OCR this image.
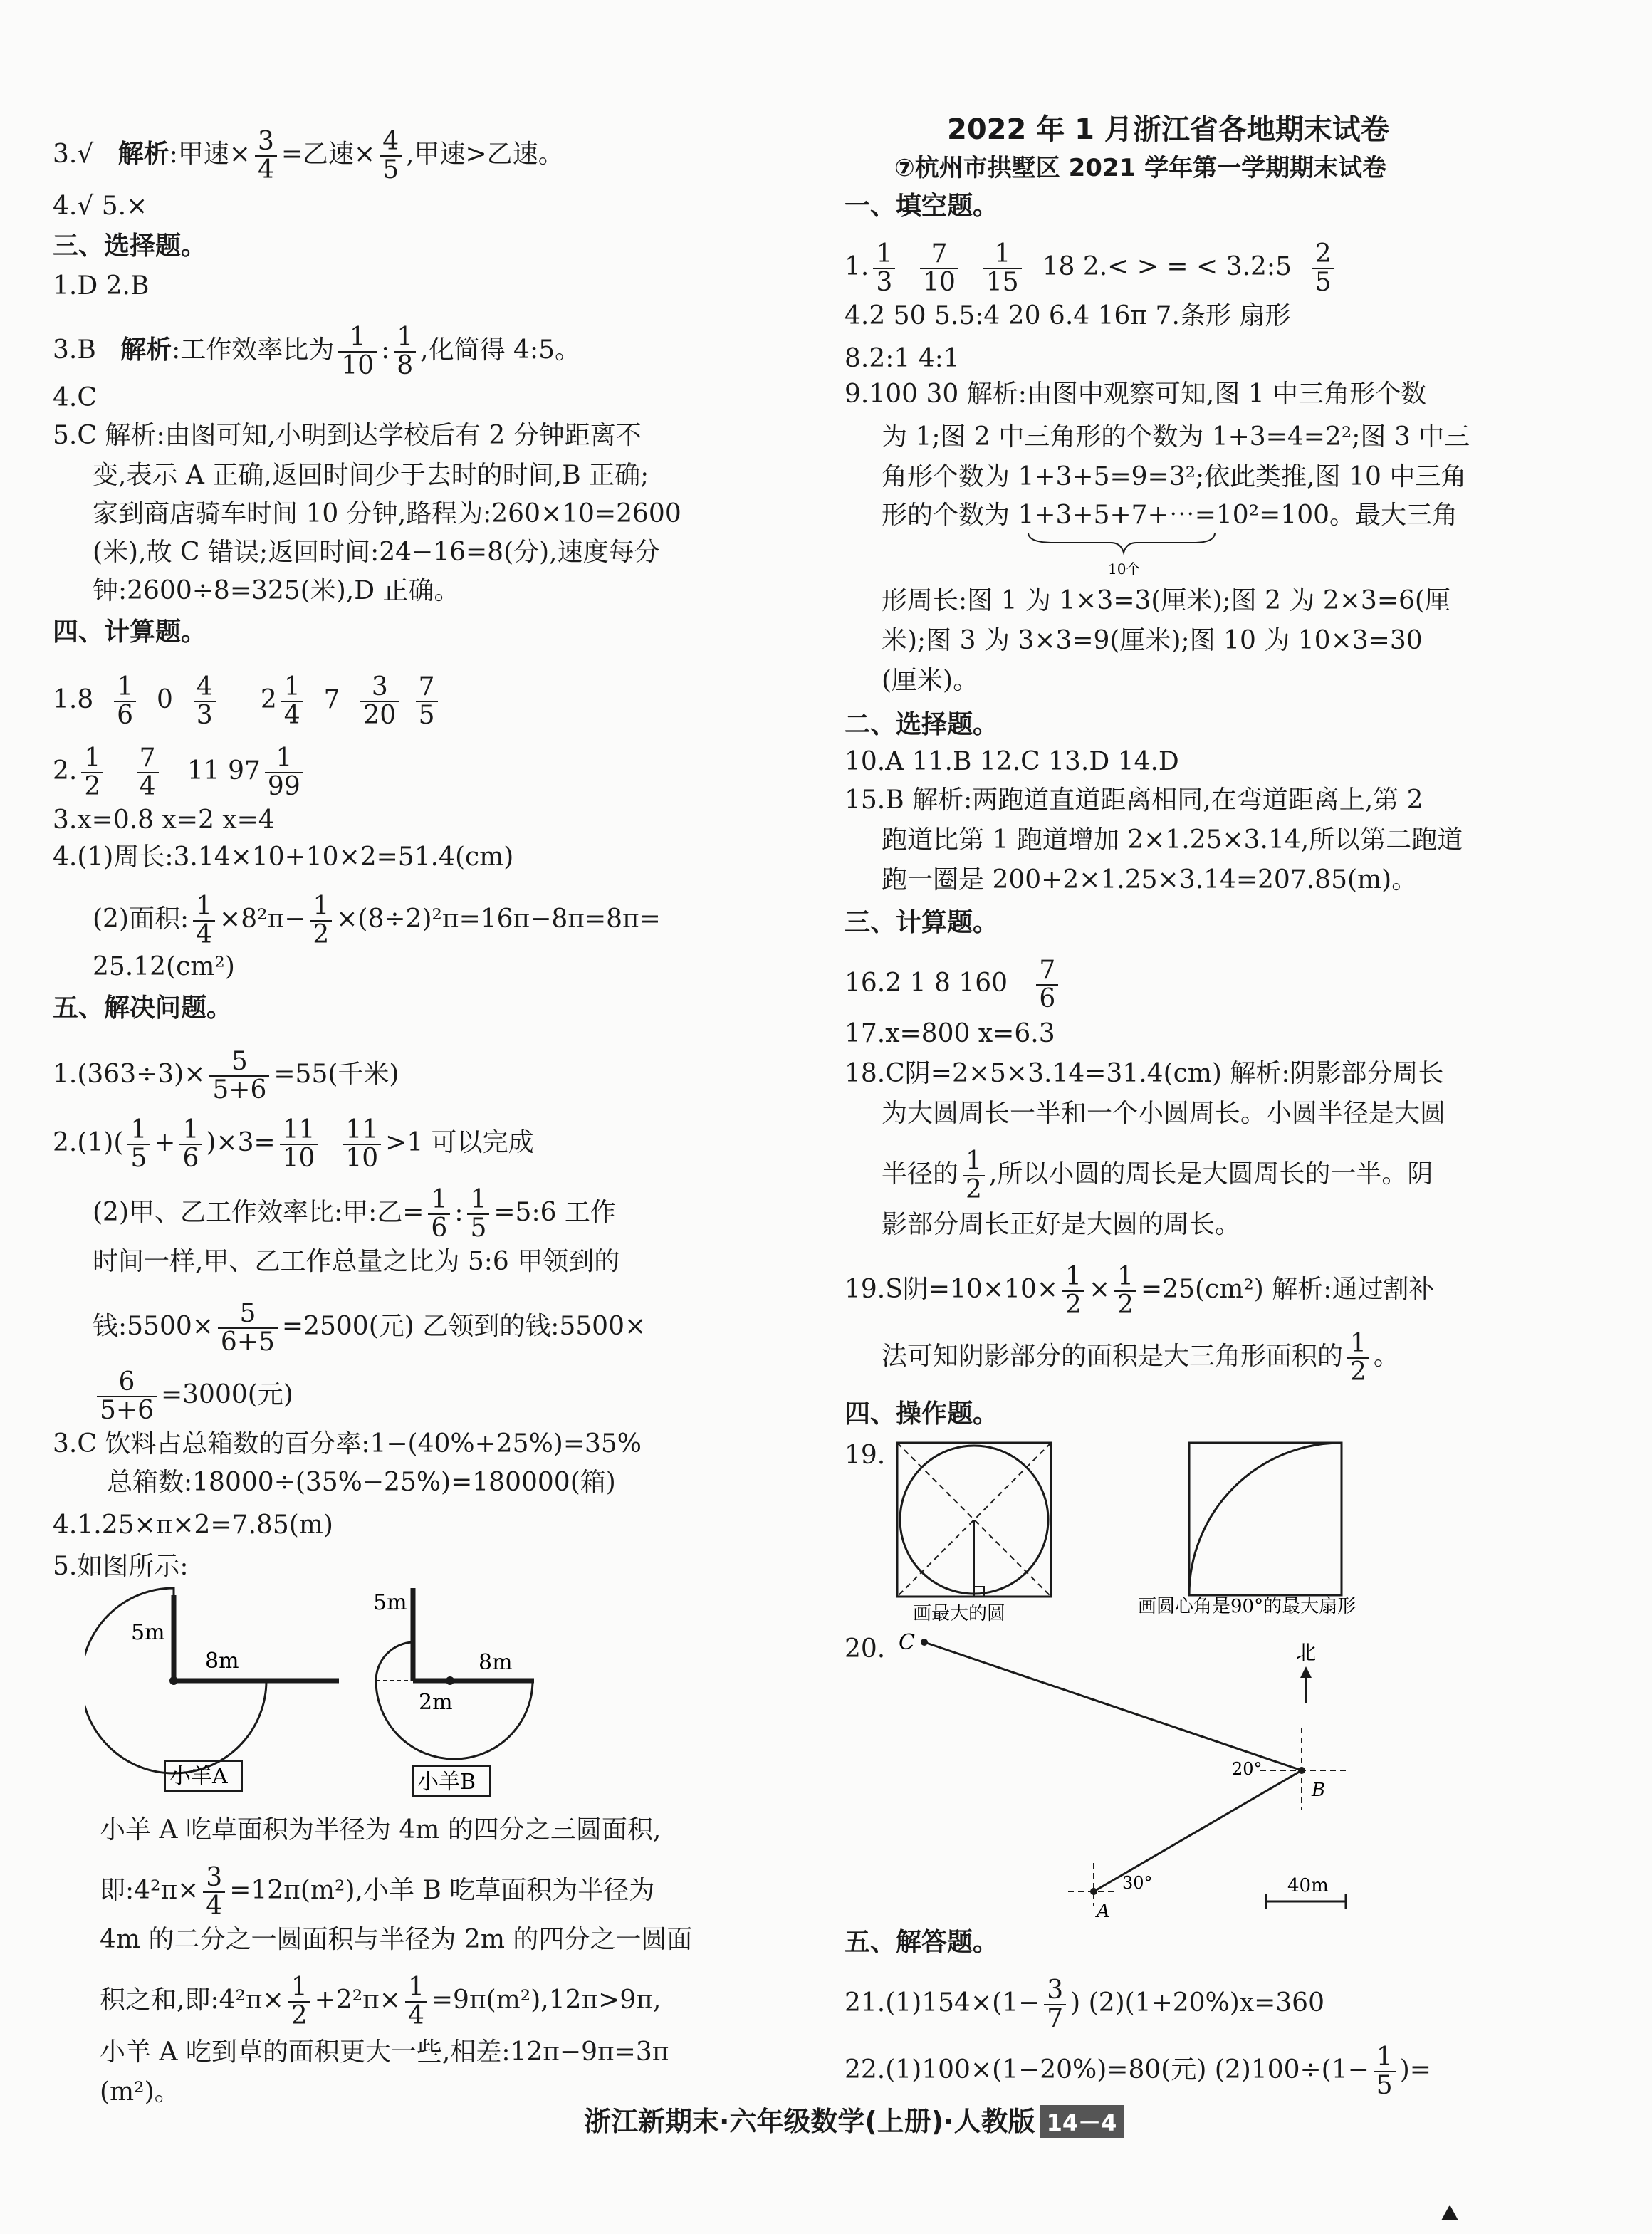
3.√ 解析:甲速× $\frac{3}{4}$ =乙速× $\frac{4}{5}$ ,甲速>乙速。
4.√ 5.×
三、选择题。
1.D 2.B
3.B 解析:工作效率比为 $\frac{1}{10}$ : $\frac{1}{8}$ ,化简得 4:5。
4.C
5.C 解析:由图可知,小明到达学校后有 2 分钟距离不
变,表示 A 正确,返回时间少于去时的时间,B 正确;
家到商店骑车时间 10 分钟,路程为:260×10=2600
(米),故 C 错误;返回时间:24−16=8(分),速度每分
钟:2600÷8=325(米),D 正确。
四、计算题。
$1.8 \frac{1}{6} 0 \frac{4}{3} 2 \frac{1}{4} 7 \frac{3}{20}$
$\frac{7}{5}$
2. $\frac{1}{2}$
$\frac{7}{4} 11$ $97 \frac{1}{99}$
3.x=0.8 x=2 x=4
4.(1)周长:3.14×10+10×2=51.4(cm)
(2)面积: $\frac{1}{4} \times 8^2\pi- \frac{1}{2} \times(8\div 2)^2\pi=16\pi-8\pi=8\pi=$
25.12(cm²)
五、解决问题。
$1.(363\div 3)\times \frac{5}{5+6} =55$(千米)
$2.(1)( \frac{1}{5} + \frac{1}{6} )\times 3= \frac{11}{10}$
$\frac{11}{10} >1$ 可以完成
(2)甲、乙工作效率比:甲:乙= $\frac{1}{6}$ : $\frac{1}{5}$ =5:6 工作
时间一样,甲、乙工作总量之比为 5:6 甲领到的
钱:5500× $\frac{5}{6+5} =2500$(元) 乙领到的钱:5500×
$\frac{6}{5+6} =3000$(元)
3.C 饮料占总箱数的百分率:1−(40%+25%)=35%
总箱数:18000÷(35%−25%)=180000(箱)
4.1.25×π×2=7.85(m)
5.如图所示:
5m
8m
小羊A
5m
8m
2m
小羊B
小羊 A 吃草面积为半径为 4m 的四分之三圆面积,
即:4²π× $\frac{3}{4} =12\pi(m^2)$,小羊 B 吃草面积为半径为
4m 的二分之一圆面积与半径为 2m 的四分之一圆面
积之和,即:4²π× $\frac{1}{2} +2^2\pi\times \frac{1}{4} =9\pi(m^2),12\pi>9\pi$,
小羊 A 吃到草的面积更大一些,相差:12π−9π=3π
(m²)。
2022 年 1 月浙江省各地期末试卷
⑦杭州市拱墅区 2021 学年第一学期期末试卷
一、填空题。
1. $\frac{1}{3}$
$\frac{7}{10}$
$\frac{1}{15} 18$ 2.< > = < 3.2:5 $\frac{2}{5}$
4.2 50 5.5:4 20 6.4 16π 7.条形 扇形
8.2:1 4:1
9.100 30 解析:由图中观察可知,图 1 中三角形个数
为 1;图 2 中三角形的个数为 1+3=4=2²;图 3 中三
角形个数为 1+3+5=9=3²;依此类推,图 10 中三角
形的个数为 1+3+5+7+⋯=10²=100。最大三角
10个
形周长:图 1 为 1×3=3(厘米);图 2 为 2×3=6(厘
米);图 3 为 3×3=9(厘米);图 10 为 10×3=30
(厘米)。
二、选择题。
10.A 11.B 12.C 13.D 14.D
15.B 解析:两跑道直道距离相同,在弯道距离上,第 2
跑道比第 1 跑道增加 2×1.25×3.14,所以第二跑道
跑一圈是 200+2×1.25×3.14=207.85(m)。
三、计算题。
16.2 1 8 $160 \frac{7}{6}$
17.x=800 x=6.3
18.C阴=2×5×3.14=31.4(cm) 解析:阴影部分周长
为大圆周长一半和一个小圆周长。小圆半径是大圆
半径的 $\frac{1}{2}$ ,所以小圆的周长是大圆周长的一半。阴
影部分周长正好是大圆的周长。
19.S阴$=10\times 10\times \frac{1}{2} \times \frac{1}{2} =25(cm^2)$ 解析:通过割补
法可知阴影部分的面积是大三角形面积的 $\frac{1}{2}$ 。
四、操作题。
19.
画最大的圆	画圆心角是90°的最大扇形
20. C
B
20°
A
30°
北
40m
五、解答题。
$21.(1)154\times(1- \frac{3}{7}$ ) (2)(1+20%)x=360
22.(1)100×(1−20%)=80(元) $(2)100\div(1- \frac{1}{5}$ )=
浙江新期末·六年级数学(上册)·人教版 14－4
